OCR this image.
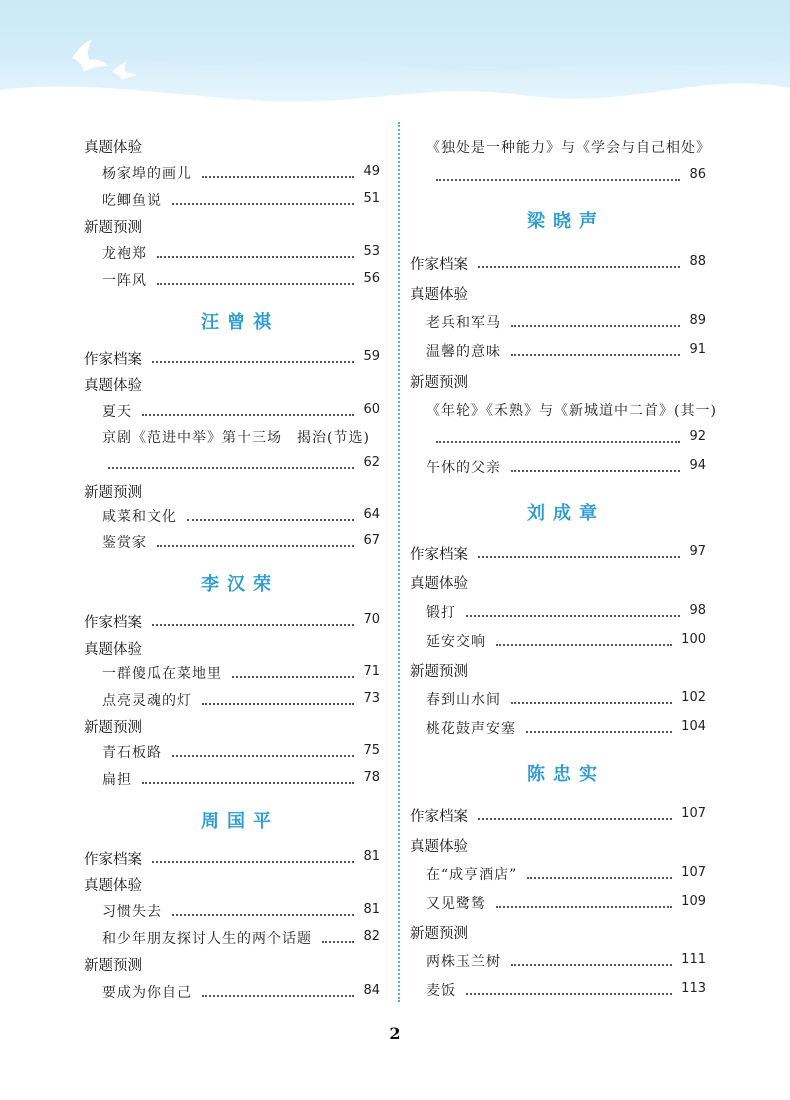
真题体验
杨家埠的画儿	49
吃鲫鱼说	51
新题预测
龙袍郑	53
一阵风	56
汪曾祺
作家档案	59
真题体验
夏天	60
京剧《范进中举》第十三场　揭治(节选)
62
新题预测
咸菜和文化	64
鉴赏家	67
李汉荣
作家档案	70
真题体验
一群傻瓜在菜地里	71
点亮灵魂的灯	73
新题预测
青石板路	75
扁担	78
周国平
作家档案	81
真题体验
习惯失去	81
和少年朋友探讨人生的两个话题	82
新题预测
要成为你自己	84
《独处是一种能力》与《学会与自己相处》
86
梁晓声
作家档案	88
真题体验
老兵和军马	89
温馨的意味	91
新题预测
《年轮》《禾熟》与《新城道中二首》(其一)
92
午休的父亲	94
刘成章
作家档案	97
真题体验
锻打	98
延安交响	100
新题预测
春到山水间	102
桃花鼓声安塞	104
陈忠实
作家档案	107
真题体验
在“成亨酒店”	107
又见鹭鸶	109
新题预测
两株玉兰树	111
麦饭	113
2
